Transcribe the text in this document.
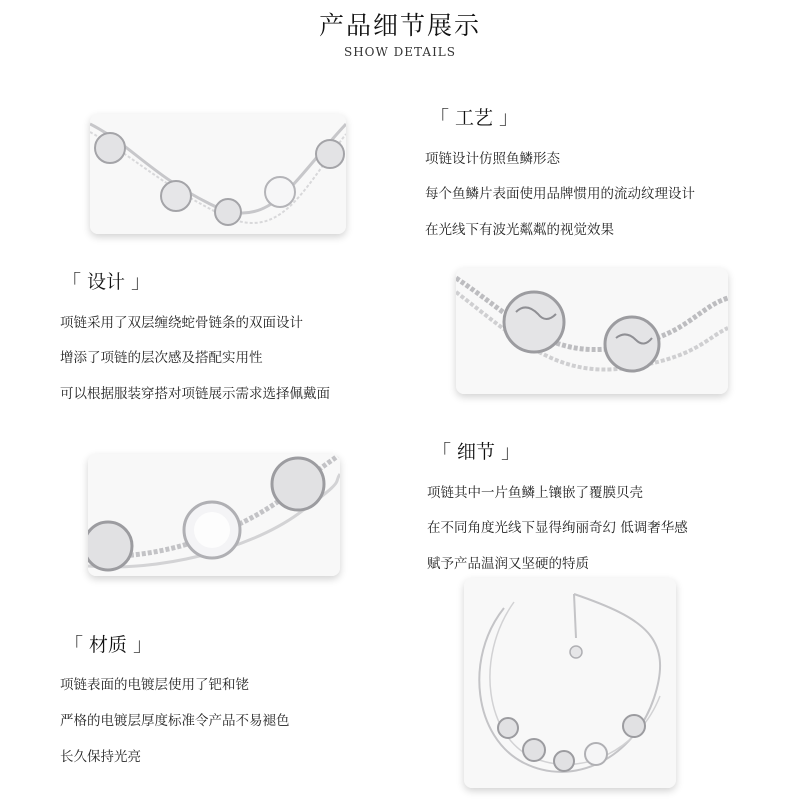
产品细节展示
SHOW DETAILS
「 工艺 」
项链设计仿照鱼鳞形态
每个鱼鳞片表面使用品牌惯用的流动纹理设计
在光线下有波光粼粼的视觉效果
「 设计 」
项链采用了双层缠绕蛇骨链条的双面设计
增添了项链的层次感及搭配实用性
可以根据服装穿搭对项链展示需求选择佩戴面
「 细节 」
项链其中一片鱼鳞上镶嵌了覆膜贝壳
在不同角度光线下显得绚丽奇幻 低调奢华感
赋予产品温润又坚硬的特质
「 材质 」
项链表面的电镀层使用了钯和铑
严格的电镀层厚度标准令产品不易褪色
长久保持光亮
